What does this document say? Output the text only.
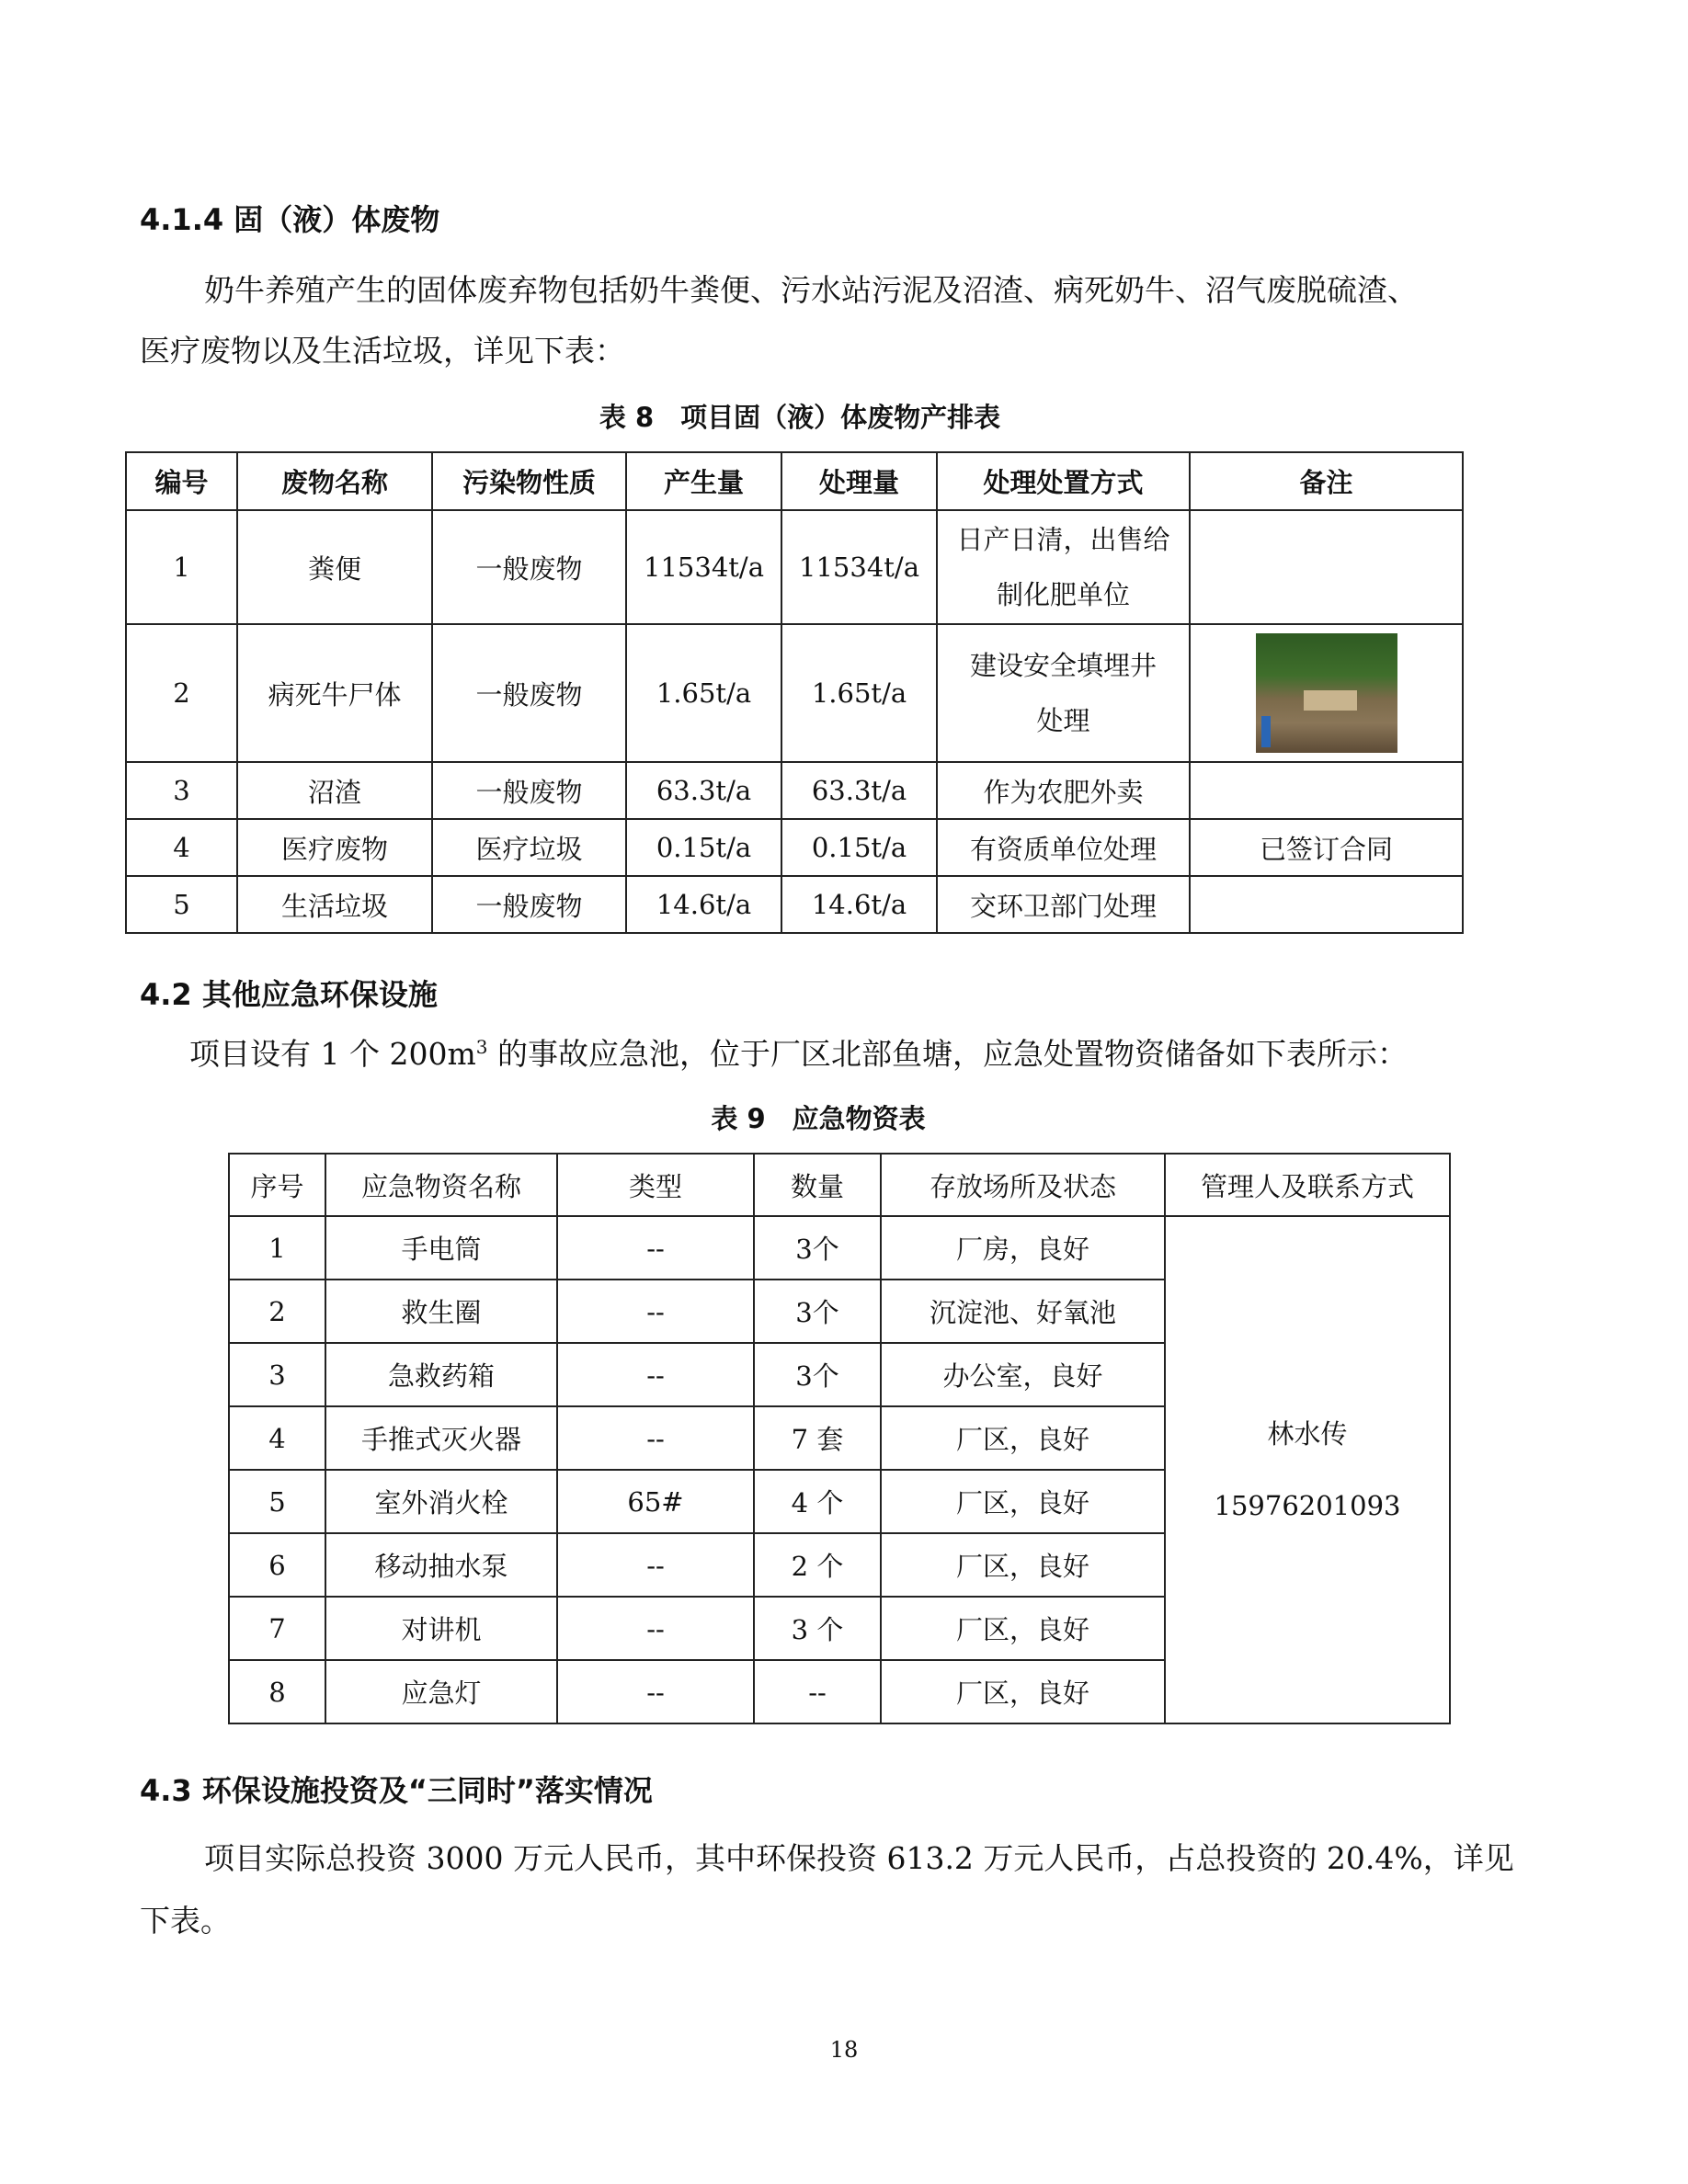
4.1.4 固（液）体废物
奶牛养殖产生的固体废弃物包括奶牛粪便、污水站污泥及沼渣、病死奶牛、沼气废脱硫渣、
医疗废物以及生活垃圾，详见下表：
表 8　项目固（液）体废物产排表
编号	废物名称	污染物性质	产生量	处理量	处理处置方式	备注
1	粪便	一般废物	11534t/a	11534t/a	日产日清，出售给
制化肥单位	
2	病死牛尸体	一般废物	1.65t/a	1.65t/a	建设安全填埋井
处理	

3	沼渣	一般废物	63.3t/a	63.3t/a	作为农肥外卖	
4	医疗废物	医疗垃圾	0.15t/a	0.15t/a	有资质单位处理	已签订合同
5	生活垃圾	一般废物	14.6t/a	14.6t/a	交环卫部门处理	
4.2 其他应急环保设施
项目设有 1 个 $200m^3$ 的事故应急池，位于厂区北部鱼塘，应急处置物资储备如下表所示：
表 9　应急物资表
序号	应急物资名称	类型	数量	存放场所及状态	管理人及联系方式
1	手电筒	--	3个	厂房，良好	林水传
15976201093
2	救生圈	--	3个	沉淀池、好氧池	
3	急救药箱	--	3个	办公室，良好	
4	手推式灭火器	--	7 套	厂区，良好	
5	室外消火栓	65#	4 个	厂区，良好	
6	移动抽水泵	--	2 个	厂区，良好	
7	对讲机	--	3 个	厂区，良好	
8	应急灯	--	--	厂区，良好	
4.3 环保设施投资及“三同时”落实情况
项目实际总投资 3000 万元人民币，其中环保投资 613.2 万元人民币，占总投资的 20.4%，详见
下表。
18
